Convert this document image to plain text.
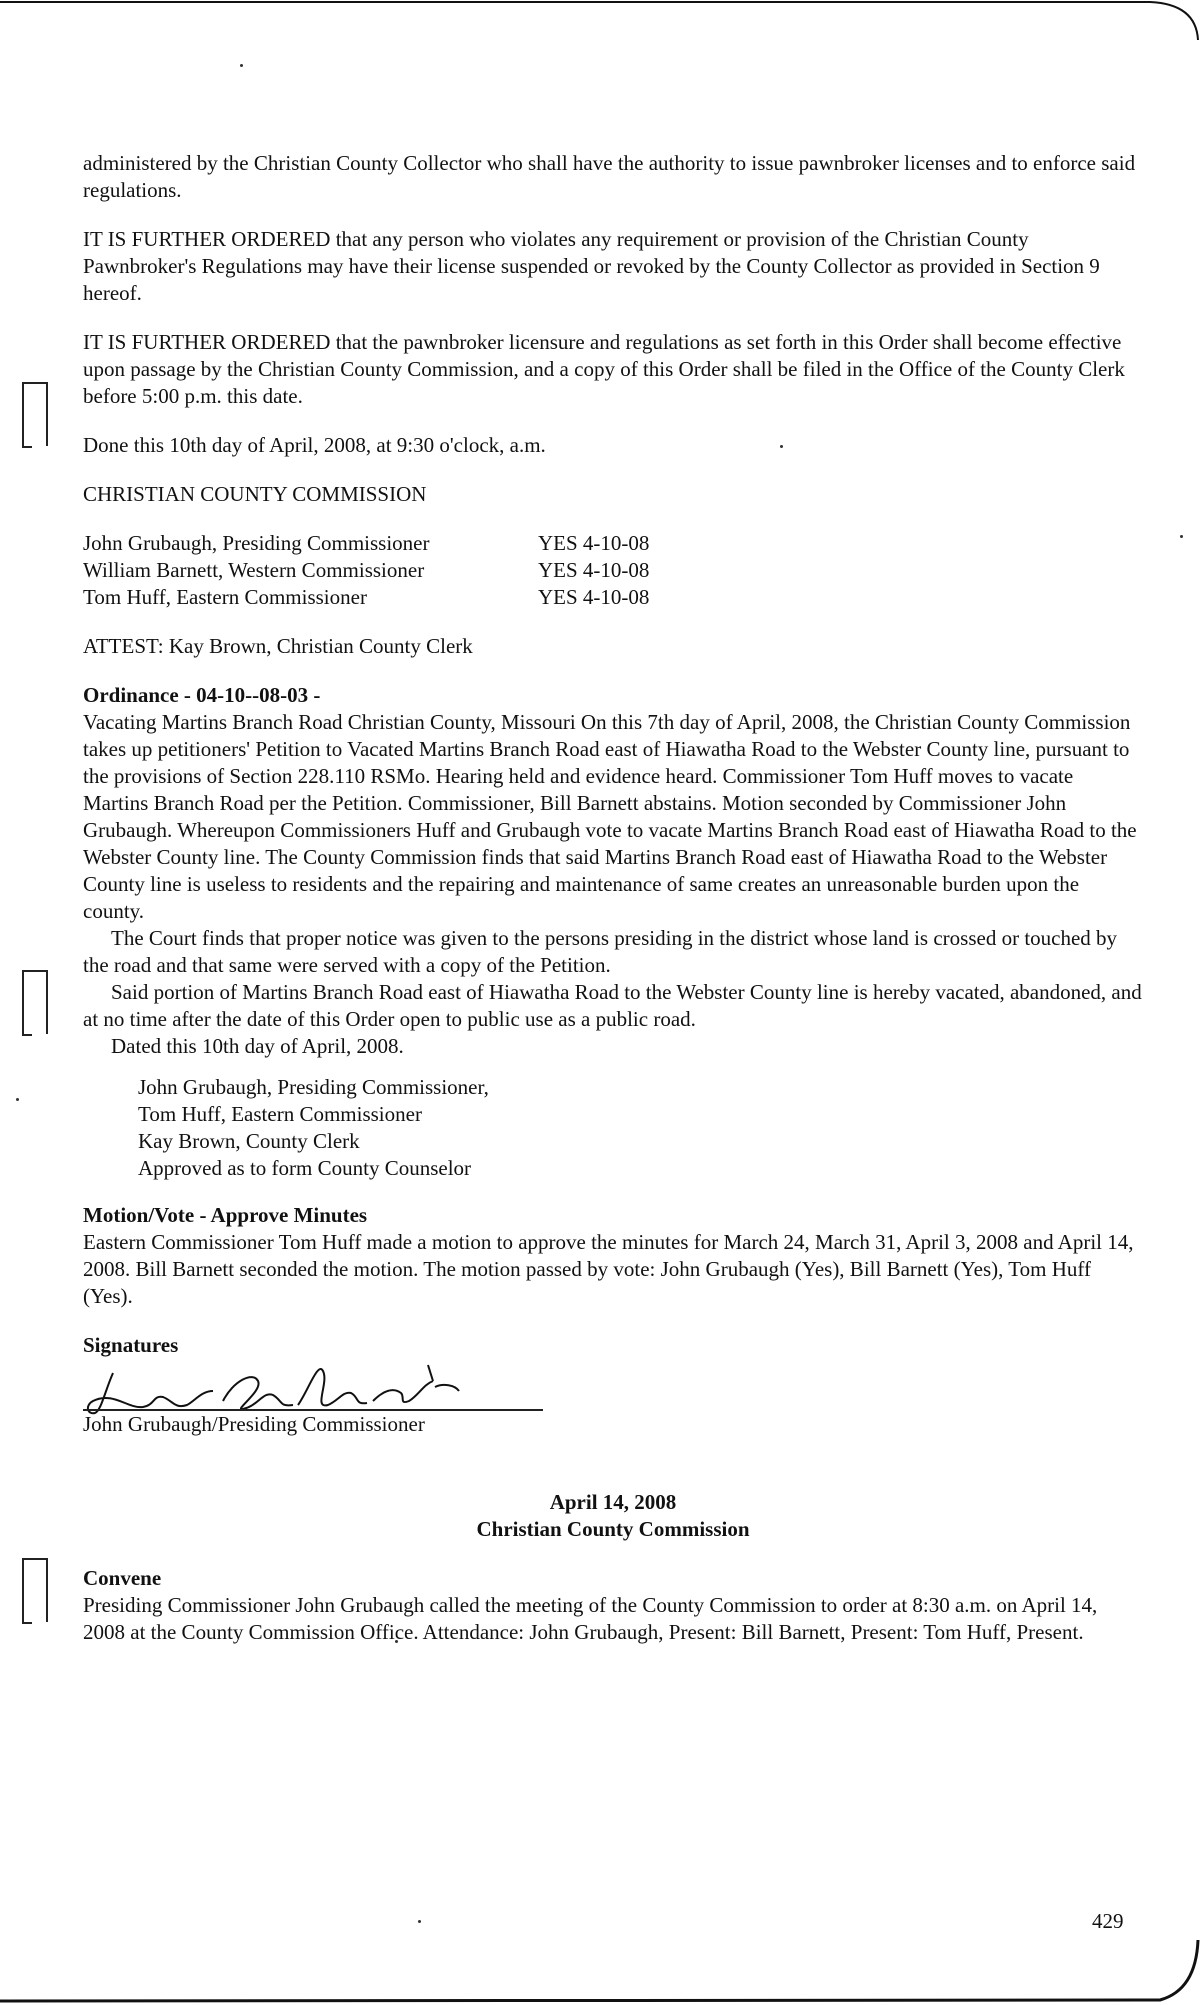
administered by the Christian County Collector who shall have the authority to issue pawnbroker licenses and to enforce said regulations.

IT IS FURTHER ORDERED that any person who violates any requirement or provision of the Christian County Pawnbroker's Regulations may have their license suspended or revoked by the County Collector as provided in Section 9 hereof.

IT IS FURTHER ORDERED that the pawnbroker licensure and regulations as set forth in this Order shall become effective upon passage by the Christian County Commission, and a copy of this Order shall be filed in the Office of the County Clerk before 5:00 p.m. this date.

Done this 10th day of April, 2008, at 9:30 o'clock, a.m.

CHRISTIAN COUNTY COMMISSION

John Grubaugh, Presiding Commissioner	YES 4-10-08
William Barnett, Western Commissioner	YES 4-10-08
Tom Huff, Eastern Commissioner	YES 4-10-08

ATTEST: Kay Brown, Christian County Clerk

Ordinance - 04-10--08-03 -

Vacating Martins Branch Road Christian County, Missouri On this 7th day of April, 2008, the Christian County Commission takes up petitioners' Petition to Vacated Martins Branch Road east of Hiawatha Road to the Webster County line, pursuant to the provisions of Section 228.110 RSMo. Hearing held and evidence heard. Commissioner Tom Huff moves to vacate Martins Branch Road per the Petition. Commissioner, Bill Barnett abstains. Motion seconded by Commissioner John Grubaugh. Whereupon Commissioners Huff and Grubaugh vote to vacate Martins Branch Road east of Hiawatha Road to the Webster County line. The County Commission finds that said Martins Branch Road east of Hiawatha Road to the Webster County line is useless to residents and the repairing and maintenance of same creates an unreasonable burden upon the county.

The Court finds that proper notice was given to the persons presiding in the district whose land is crossed or touched by the road and that same were served with a copy of the Petition.

Said portion of Martins Branch Road east of Hiawatha Road to the Webster County line is hereby vacated, abandoned, and at no time after the date of this Order open to public use as a public road.

Dated this 10th day of April, 2008.

John Grubaugh, Presiding Commissioner,

Tom Huff, Eastern Commissioner

Kay Brown, County Clerk

Approved as to form County Counselor

Motion/Vote - Approve Minutes

Eastern Commissioner Tom Huff made a motion to approve the minutes for March 24, March 31, April 3, 2008 and April 14, 2008. Bill Barnett seconded the motion. The motion passed by vote: John Grubaugh (Yes), Bill Barnett (Yes), Tom Huff (Yes).

Signatures

John Grubaugh/Presiding Commissioner

April 14, 2008

Christian County Commission

Convene

Presiding Commissioner John Grubaugh called the meeting of the County Commission to order at 8:30 a.m. on April 14, 2008 at the County Commission Office. Attendance: John Grubaugh, Present: Bill Barnett, Present: Tom Huff, Present.

429
